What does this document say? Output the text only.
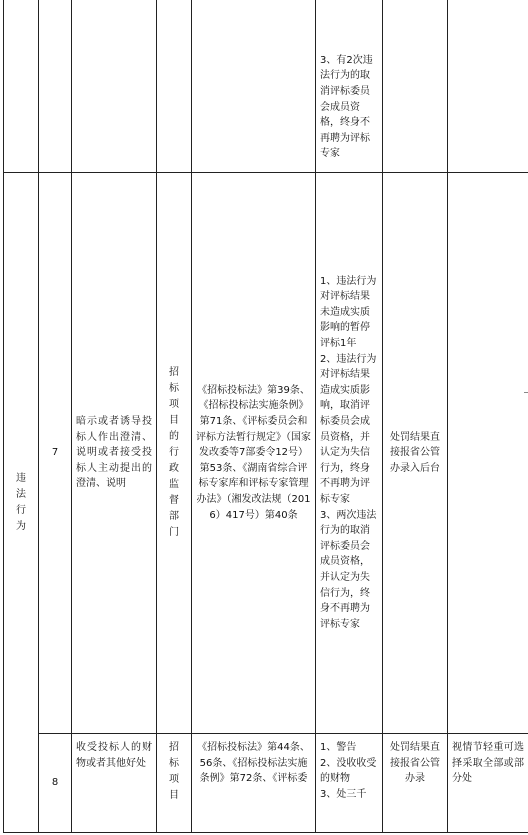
					3、有2次违法行为的取消评标委员会成员资格，终身不再聘为评标专家		

违法行为	7	暗示或者诱导投标人作出澄清、说明或者接受投标人主动提出的澄清、说明	招标项目的行政监督部门	《招标投标法》第39条、《招标投标法实施条例》第71条、《评标委员会和评标方法暂行规定》（国家发改委等7部委令12号）第53条、《湖南省综合评标专家库和评标专家管理办法》（湘发改法规（2016）417号）第40条	1、违法行为对评标结果未造成实质影响的暂停评标1年
2、违法行为对评标结果造成实质影响，取消评标委员会成员资格，并认定为失信行为，终身不再聘为评标专家
3、两次违法行为的取消评标委员会成员资格，并认定为失信行为，终身不再聘为评标专家	处罚结果直接报省公管办录入后台	

	8	收受投标人的财物或者其他好处	招标项目	《招标投标法》第44条、56条、《招标投标法实施条例》第72条、《评标委	1、警告
2、没收收受的财物
3、处三千	处罚结果直接报省公管办录	视情节轻重可选择采取全部或部分处
